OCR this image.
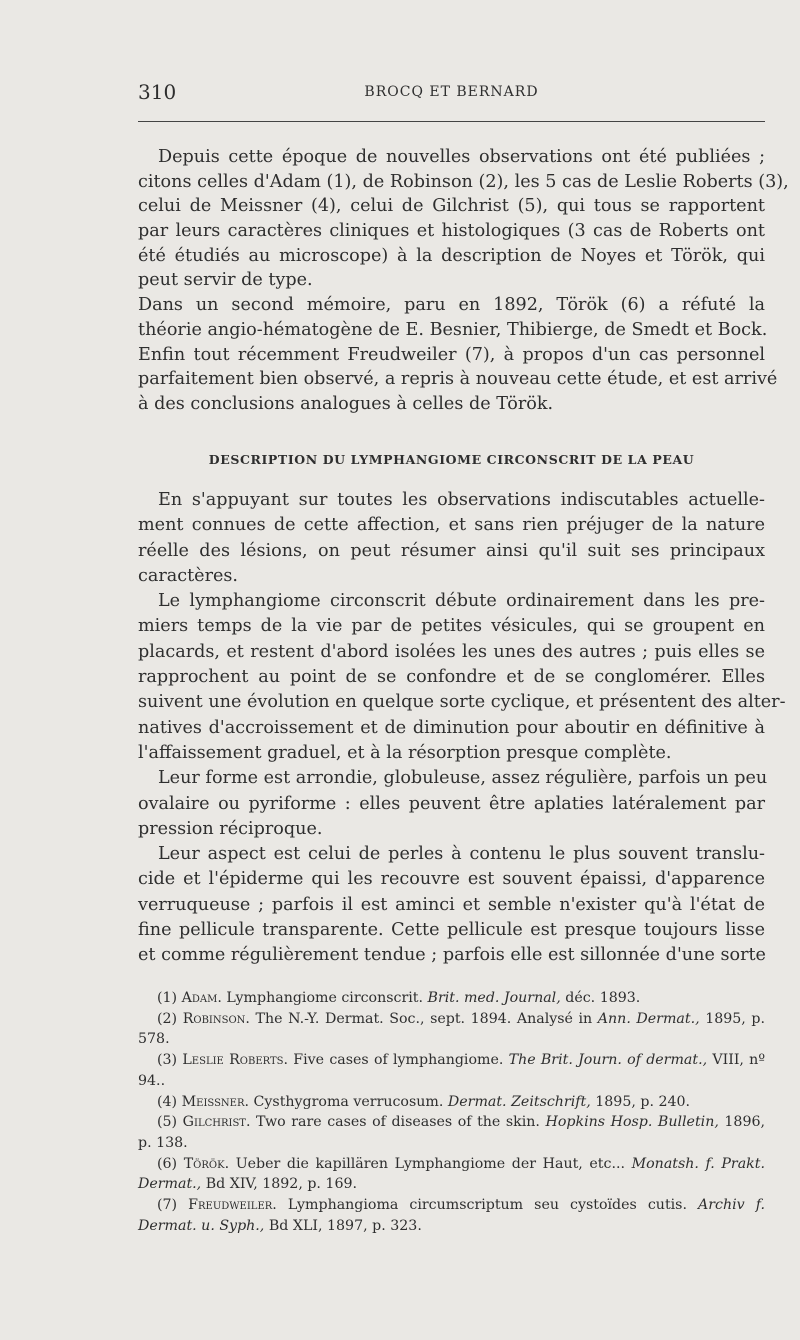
310	BROCQ ET BERNARD
Depuis cette époque de nouvelles observations ont été publiées ;
citons celles d'Adam (1), de Robinson (2), les 5 cas de Leslie Roberts (3),
celui de Meissner (4), celui de Gilchrist (5), qui tous se rapportent
par leurs caractères cliniques et histologiques (3 cas de Roberts ont
été étudiés au microscope) à la description de Noyes et Török, qui
peut servir de type.
Dans un second mémoire, paru en 1892, Török (6) a réfuté la
théorie angio-hématogène de E. Besnier, Thibierge, de Smedt et Bock.
Enfin tout récemment Freudweiler (7), à propos d'un cas personnel
parfaitement bien observé, a repris à nouveau cette étude, et est arrivé
à des conclusions analogues à celles de Török.
DESCRIPTION DU LYMPHANGIOME CIRCONSCRIT DE LA PEAU
En s'appuyant sur toutes les observations indiscutables actuelle-
ment connues de cette affection, et sans rien préjuger de la nature
réelle des lésions, on peut résumer ainsi qu'il suit ses principaux
caractères.
Le lymphangiome circonscrit débute ordinairement dans les pre-
miers temps de la vie par de petites vésicules, qui se groupent en
placards, et restent d'abord isolées les unes des autres ; puis elles se
rapprochent au point de se confondre et de se conglomérer. Elles
suivent une évolution en quelque sorte cyclique, et présentent des alter-
natives d'accroissement et de diminution pour aboutir en définitive à
l'affaissement graduel, et à la résorption presque complète.
Leur forme est arrondie, globuleuse, assez régulière, parfois un peu
ovalaire ou pyriforme : elles peuvent être aplaties latéralement par
pression réciproque.
Leur aspect est celui de perles à contenu le plus souvent translu-
cide et l'épiderme qui les recouvre est souvent épaissi, d'apparence
verruqueuse ; parfois il est aminci et semble n'exister qu'à l'état de
fine pellicule transparente. Cette pellicule est presque toujours lisse
et comme régulièrement tendue ; parfois elle est sillonnée d'une sorte
(1) Adam. Lymphangiome circonscrit. Brit. med. Journal, déc. 1893.
(2) Robinson. The N.-Y. Dermat. Soc., sept. 1894. Analysé in Ann. Dermat., 1895, p. 578.
(3) Leslie Roberts. Five cases of lymphangiome. The Brit. Journ. of dermat., VIII, nº 94..
(4) Meissner. Cysthygroma verrucosum. Dermat. Zeitschrift, 1895, p. 240.
(5) Gilchrist. Two rare cases of diseases of the skin. Hopkins Hosp. Bulletin, 1896, p. 138.
(6) Török. Ueber die kapillären Lymphangiome der Haut, etc... Monatsh. f. Prakt. Dermat., Bd XIV, 1892, p. 169.
(7) Freudweiler. Lymphangioma circumscriptum seu cystoïdes cutis. Archiv f. Dermat. u. Syph., Bd XLI, 1897, p. 323.
